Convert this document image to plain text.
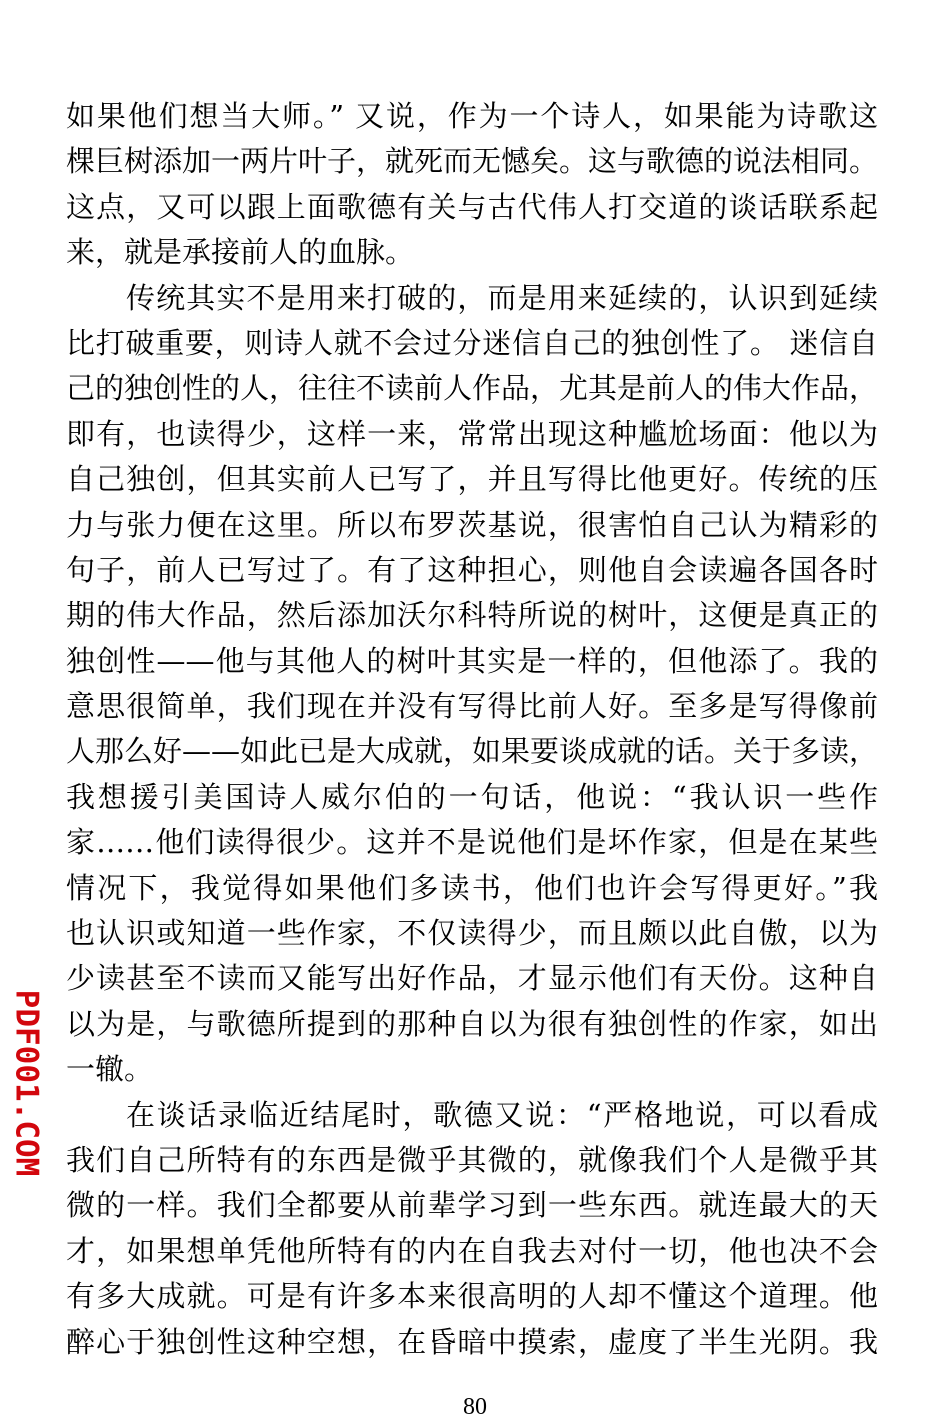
如果他们想当大师。” 又说，作为一个诗人，如果能为诗歌这
棵巨树添加一两片叶子，就死而无憾矣。这与歌德的说法相同。
这点，又可以跟上面歌德有关与古代伟人打交道的谈话联系起
来，就是承接前人的血脉。
传统其实不是用来打破的，而是用来延续的，认识到延续
比打破重要，则诗人就不会过分迷信自己的独创性了。 迷信自
己的独创性的人，往往不读前人作品，尤其是前人的伟大作品，
即有，也读得少，这样一来，常常出现这种尴尬场面：他以为
自己独创，但其实前人已写了，并且写得比他更好。传统的压
力与张力便在这里。所以布罗茨基说，很害怕自己认为精彩的
句子，前人已写过了。有了这种担心，则他自会读遍各国各时
期的伟大作品，然后添加沃尔科特所说的树叶，这便是真正的
独创性——他与其他人的树叶其实是一样的，但他添了。我的
意思很简单，我们现在并没有写得比前人好。至多是写得像前
人那么好——如此已是大成就，如果要谈成就的话。关于多读，
我想援引美国诗人威尔伯的一句话，他说：“我认识一些作
家……他们读得很少。这并不是说他们是坏作家，但是在某些
情况下，我觉得如果他们多读书，他们也许会写得更好。”我
也认识或知道一些作家，不仅读得少，而且颇以此自傲，以为
少读甚至不读而又能写出好作品，才显示他们有天份。这种自
以为是，与歌德所提到的那种自以为很有独创性的作家，如出
一辙。
在谈话录临近结尾时，歌德又说：“严格地说，可以看成
我们自己所特有的东西是微乎其微的，就像我们个人是微乎其
微的一样。我们全都要从前辈学习到一些东西。就连最大的天
才，如果想单凭他所特有的内在自我去对付一切，他也决不会
有多大成就。可是有许多本来很高明的人却不懂这个道理。他
醉心于独创性这种空想，在昏暗中摸索，虚度了半生光阴。我
PDF001.COM
80
